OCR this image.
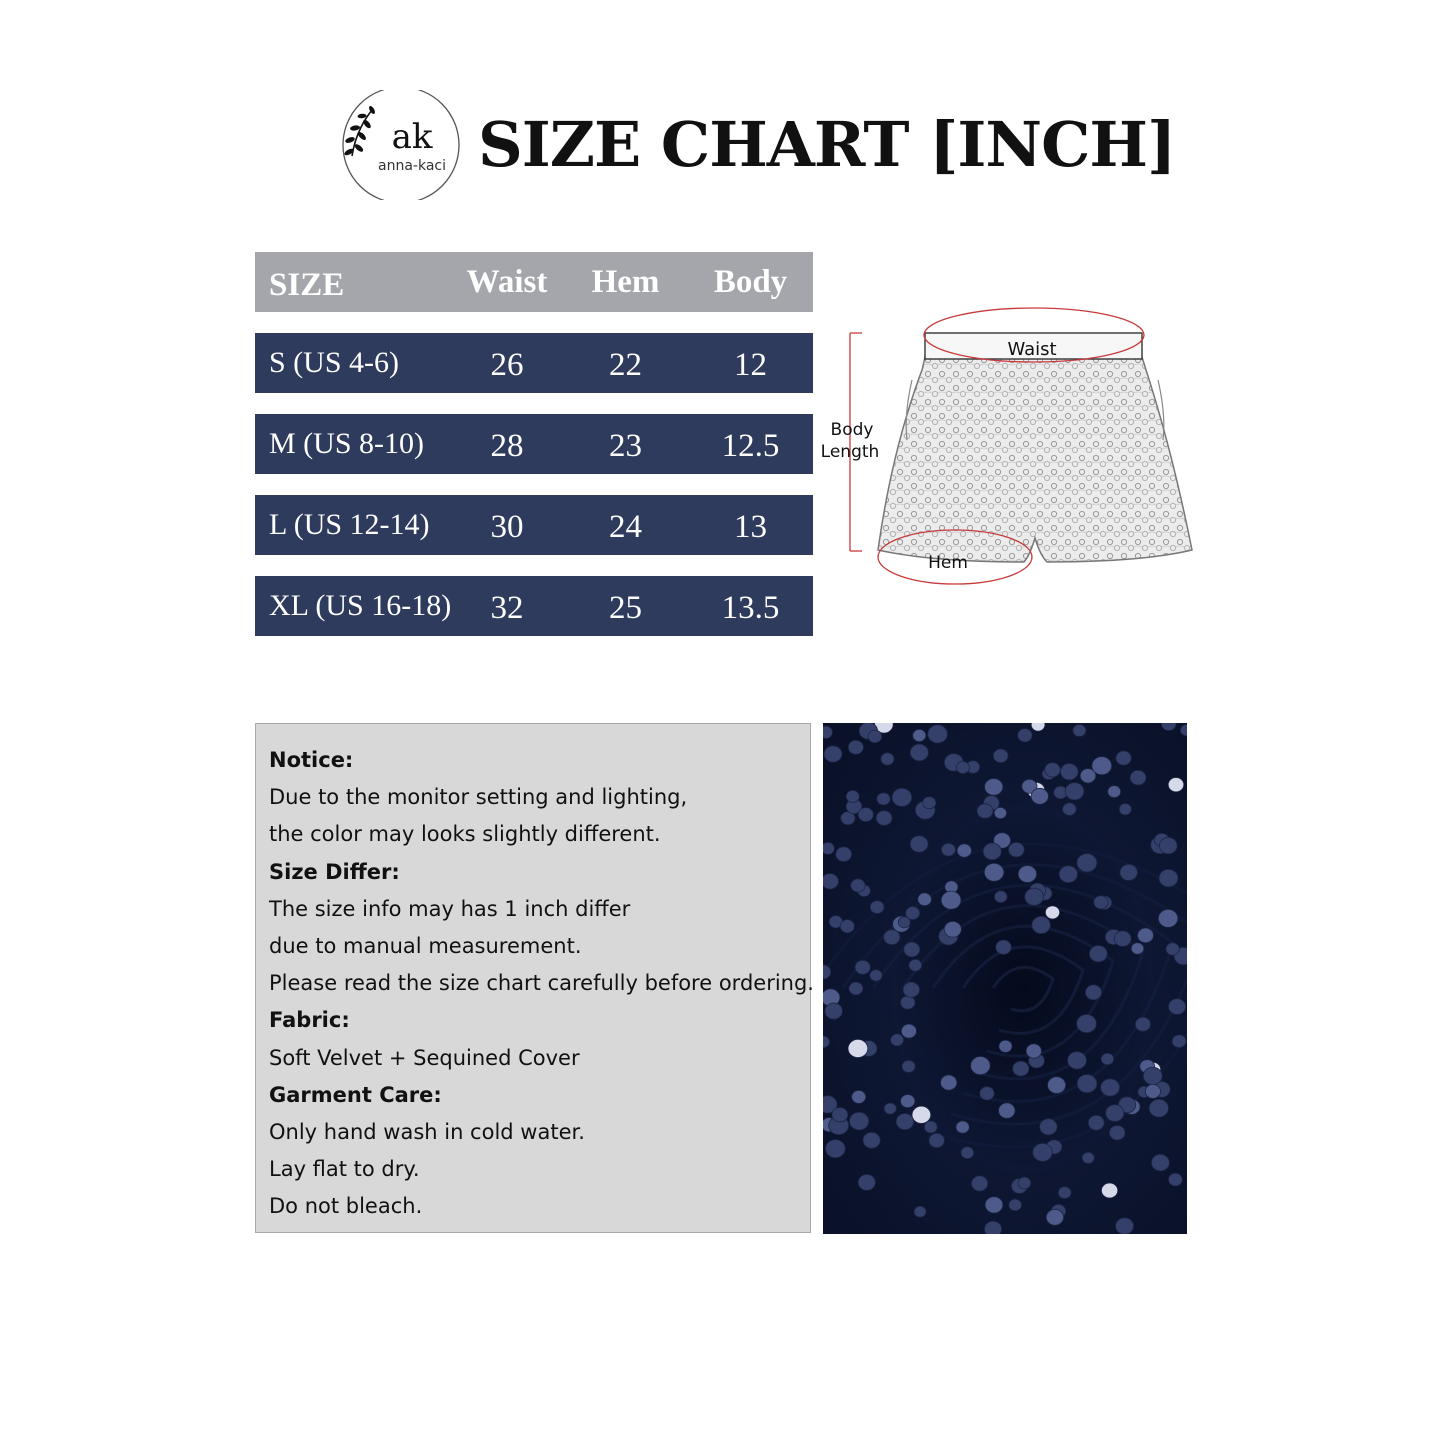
ak
anna-kaci SIZE CHART [INCH]
SIZE	Waist	Hem	Body
S (US 4-6)	26	22	12
M (US 8-10)	28	23	12.5
L (US 12-14)	30	24	13
XL (US 16-18)	32	25	13.5
Waist
Body
Length
Hem

Notice:

Due to the monitor setting and lighting,

the color may looks slightly different.

Size Differ:

The size info may has 1 inch differ

due to manual measurement.

Please read the size chart carefully before ordering.

Fabric:

Soft Velvet + Sequined Cover

Garment Care:

Only hand wash in cold water.

Lay flat to dry.

Do not bleach.
